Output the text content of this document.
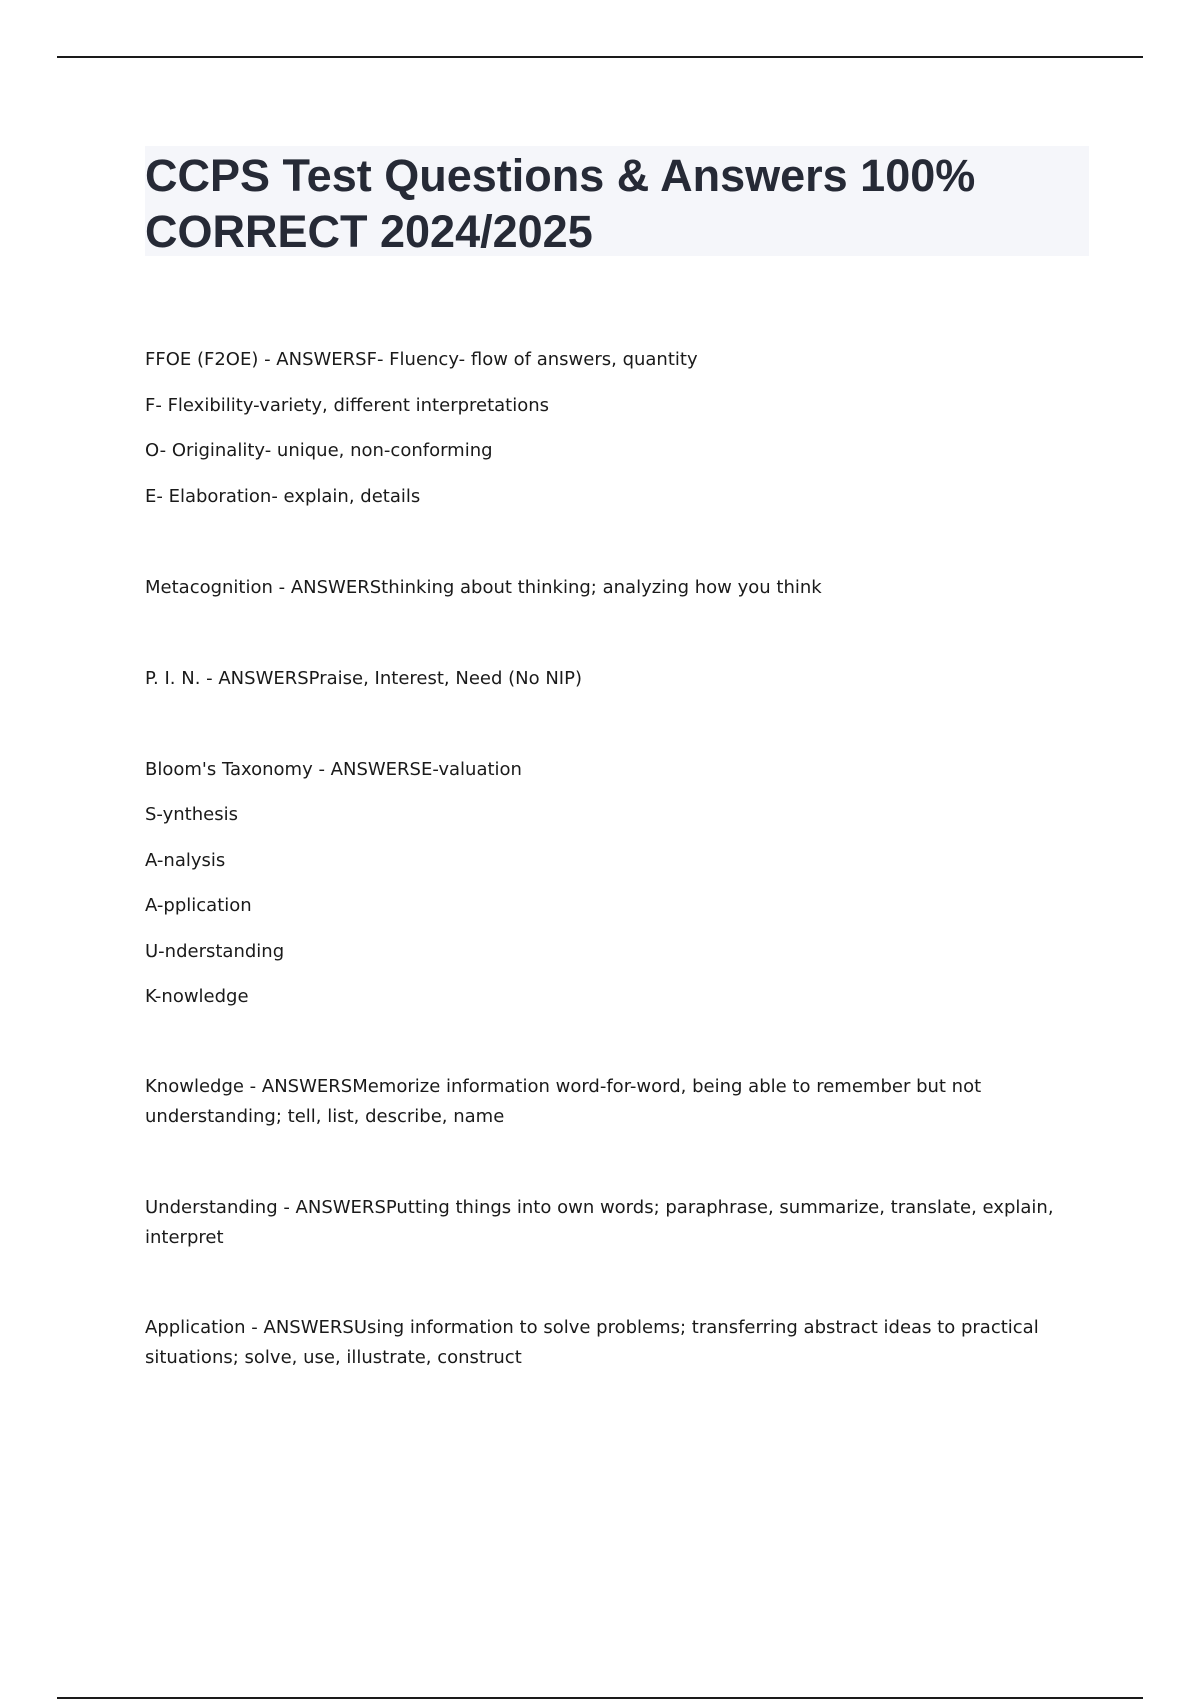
CCPS Test Questions & Answers 100% CORRECT 2024/2025
FFOE (F2OE) - ANSWERSF- Fluency- flow of answers, quantity
F- Flexibility-variety, different interpretations
O- Originality- unique, non-conforming
E- Elaboration- explain, details
Metacognition - ANSWERSthinking about thinking; analyzing how you think
P. I. N. - ANSWERSPraise, Interest, Need (No NIP)
Bloom's Taxonomy - ANSWERSE-valuation
S-ynthesis
A-nalysis
A-pplication
U-nderstanding
K-nowledge
Knowledge - ANSWERSMemorize information word-for-word, being able to remember but not understanding; tell, list, describe, name
Understanding - ANSWERSPutting things into own words; paraphrase, summarize, translate, explain, interpret
Application - ANSWERSUsing information to solve problems; transferring abstract ideas to practical situations; solve, use, illustrate, construct
